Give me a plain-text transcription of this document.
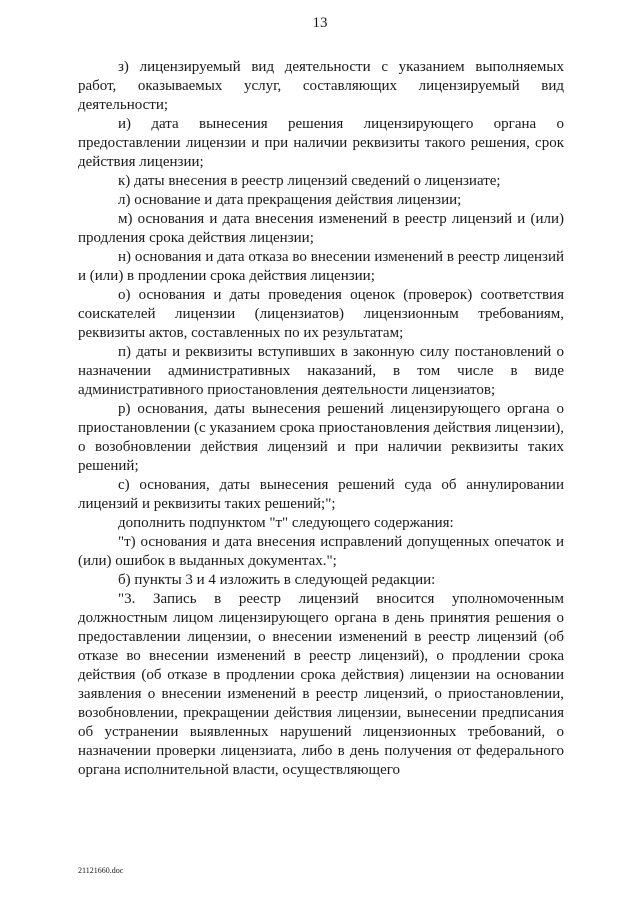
13

з) лицензируемый вид деятельности с указанием выполняемых работ, оказываемых услуг, составляющих лицензируемый вид деятельности;

и) дата вынесения решения лицензирующего органа о предоставлении лицензии и при наличии реквизиты такого решения, срок действия лицензии;

к) даты внесения в реестр лицензий сведений о лицензиате;

л) основание и дата прекращения действия лицензии;

м) основания и дата внесения изменений в реестр лицензий и (или) продления срока действия лицензии;

н) основания и дата отказа во внесении изменений в реестр лицензий и (или) в продлении срока действия лицензии;

о) основания и даты проведения оценок (проверок) соответствия соискателей лицензии (лицензиатов) лицензионным требованиям, реквизиты актов, составленных по их результатам;

п) даты и реквизиты вступивших в законную силу постановлений о назначении административных наказаний, в том числе в виде административного приостановления деятельности лицензиатов;

р) основания, даты вынесения решений лицензирующего органа о приостановлении (с указанием срока приостановления действия лицензии), о возобновлении действия лицензий и при наличии реквизиты таких решений;

с) основания, даты вынесения решений суда об аннулировании лицензий и реквизиты таких решений;";

дополнить подпунктом "т" следующего содержания:

"т) основания и дата внесения исправлений допущенных опечаток и (или) ошибок в выданных документах.";

б) пункты 3 и 4 изложить в следующей редакции:

"3. Запись в реестр лицензий вносится уполномоченным должностным лицом лицензирующего органа в день принятия решения о предоставлении лицензии, о внесении изменений в реестр лицензий (об отказе во внесении изменений в реестр лицензий), о продлении срока действия (об отказе в продлении срока действия) лицензии на основании заявления о внесении изменений в реестр лицензий, о приостановлении, возобновлении, прекращении действия лицензии, вынесении предписания об устранении выявленных нарушений лицензионных требований, о назначении проверки лицензиата, либо в день получения от федерального органа исполнительной власти, осуществляющего

21121660.doc
